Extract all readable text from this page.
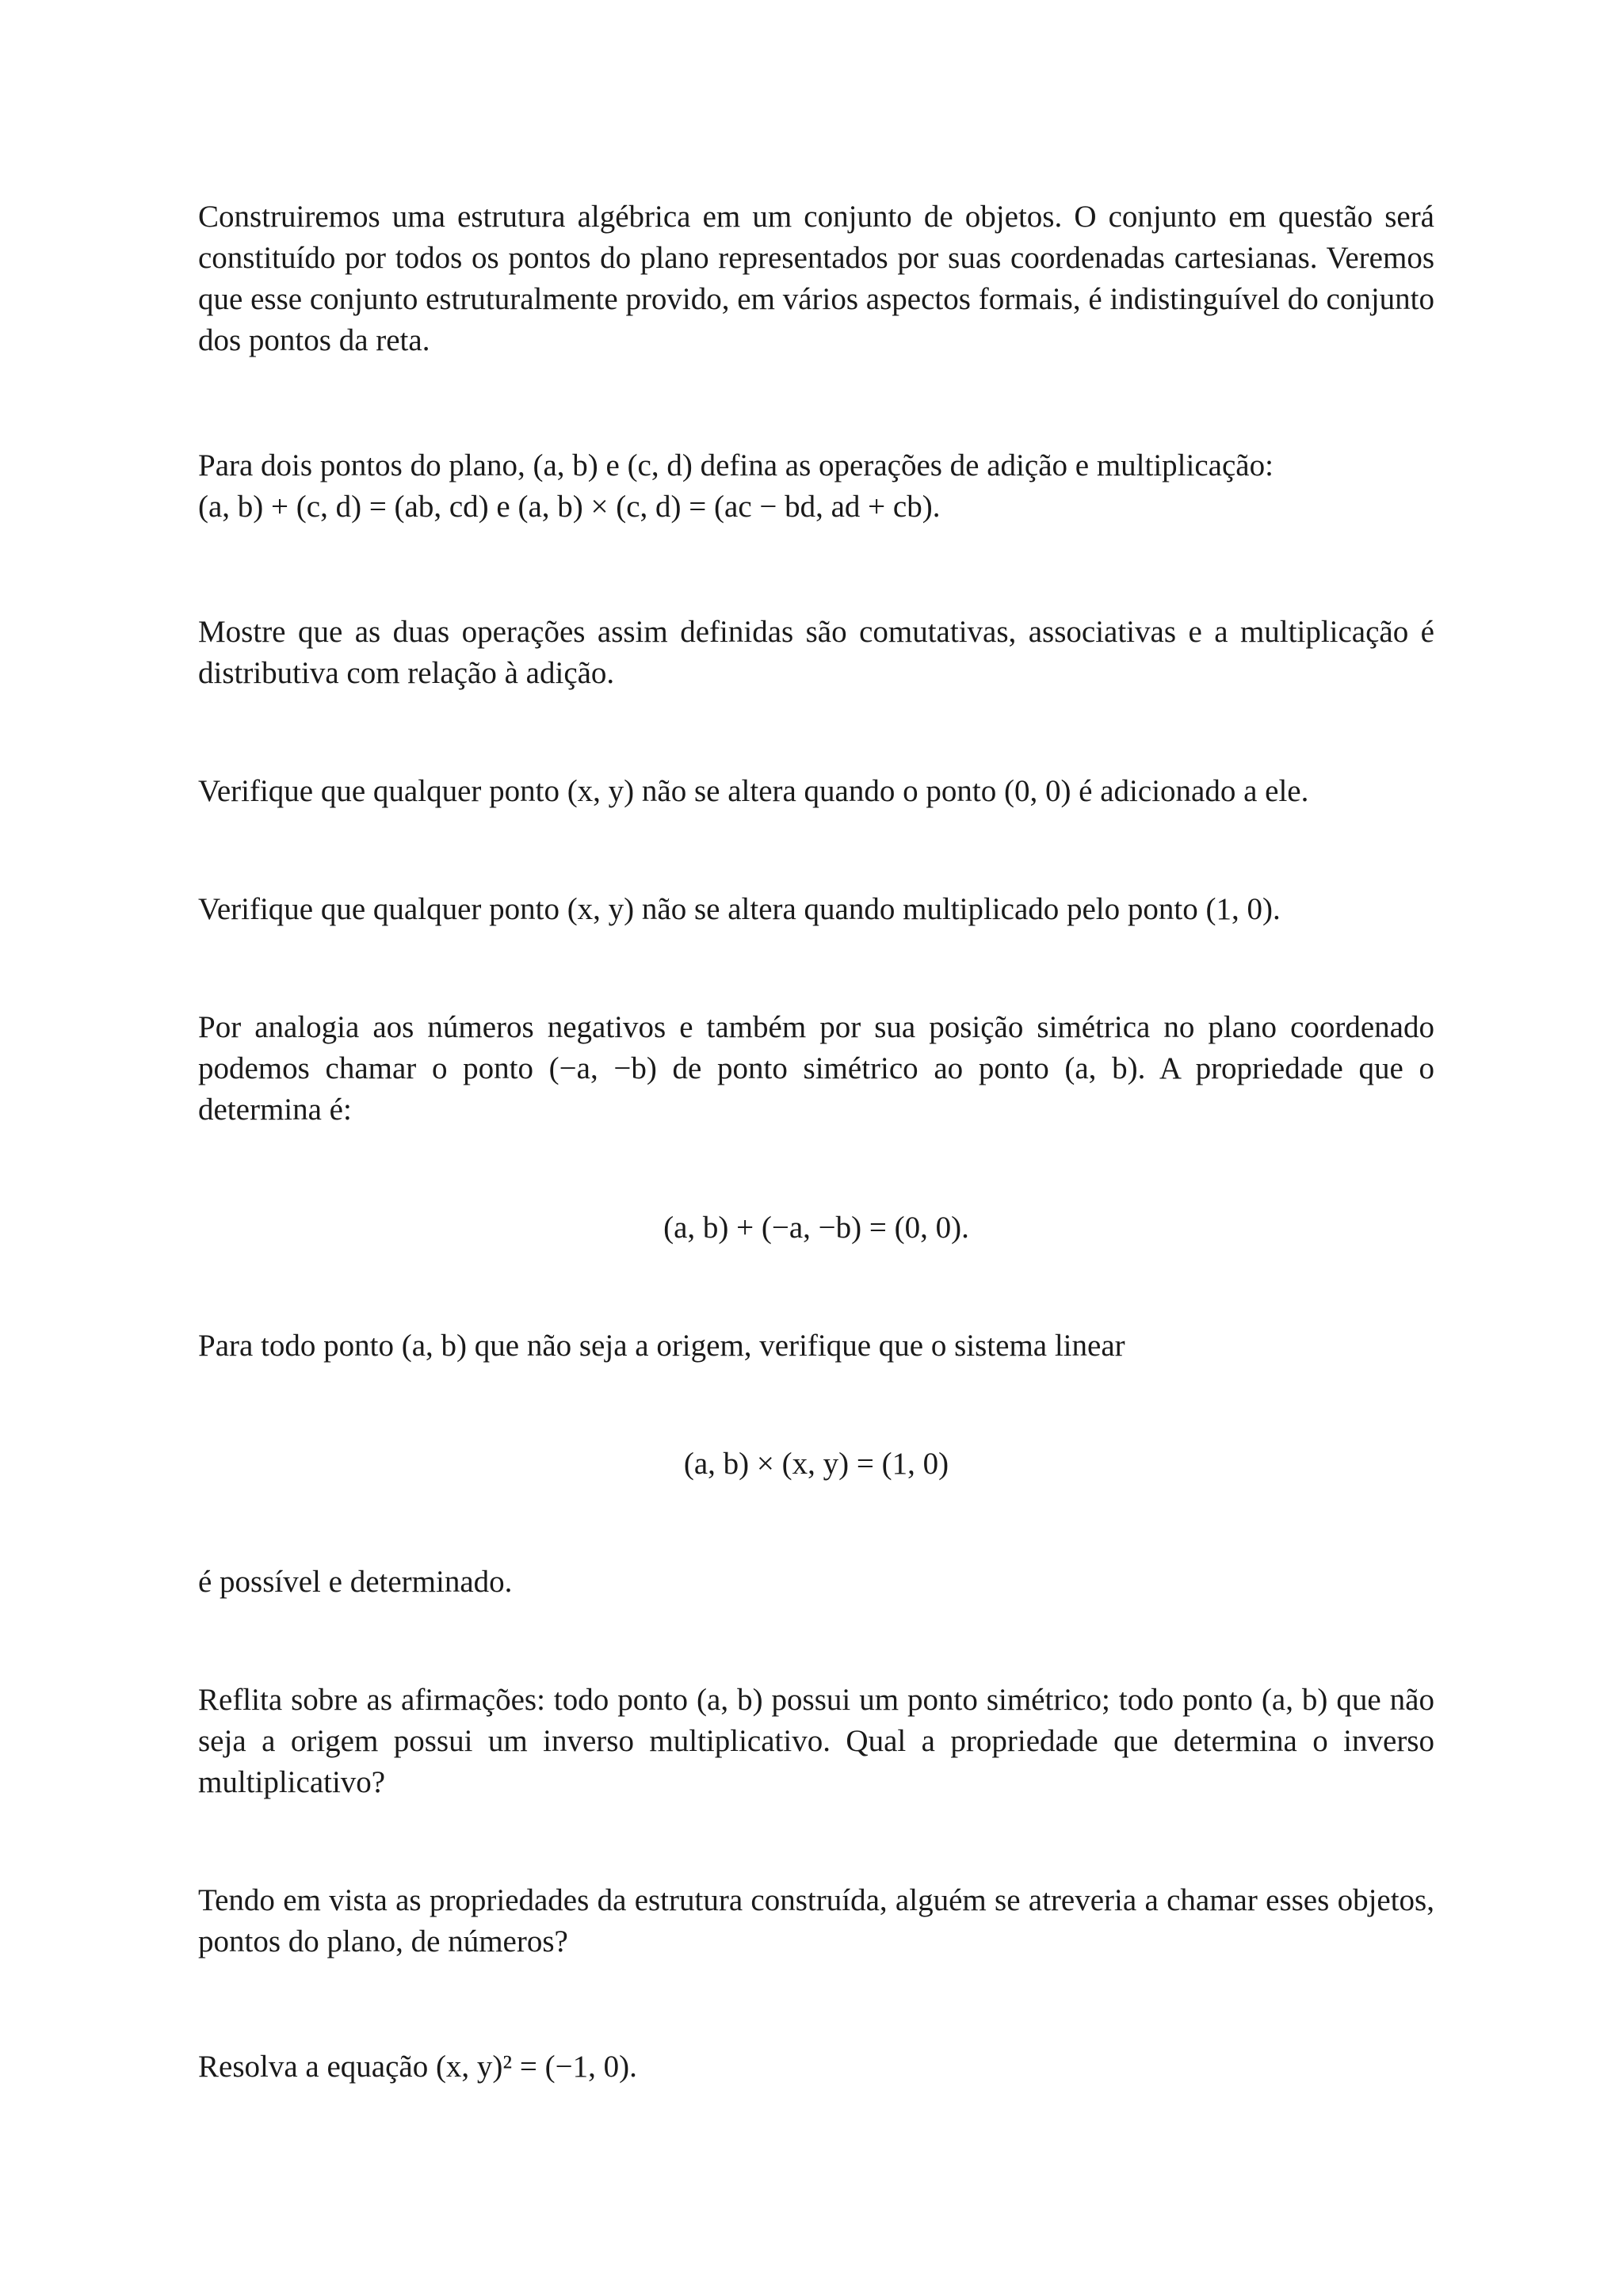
Construiremos uma estrutura algébrica em um conjunto de objetos. O conjunto em questão será constituído por todos os pontos do plano representados por suas coordenadas cartesianas. Veremos que esse conjunto estruturalmente provido, em vários aspectos formais, é indistinguível do conjunto dos pontos da reta.

Para dois pontos do plano, (a, b) e (c, d) defina as operações de adição e multiplicação:

(a, b) + (c, d) = (ab, cd) e (a, b) × (c, d) = (ac − bd, ad + cb).

Mostre que as duas operações assim definidas são comutativas, associativas e a multiplicação é distributiva com relação à adição.

Verifique que qualquer ponto (x, y) não se altera quando o ponto (0, 0) é adicionado a ele.

Verifique que qualquer ponto (x, y) não se altera quando multiplicado pelo ponto (1, 0).

Por analogia aos números negativos e também por sua posição simétrica no plano coordenado podemos chamar o ponto (−a, −b) de ponto simétrico ao ponto (a, b). A propriedade que o determina é:

(a, b) + (−a, −b) = (0, 0).

Para todo ponto (a, b) que não seja a origem, verifique que o sistema linear

(a, b) × (x, y) = (1, 0)

é possível e determinado.

Reflita sobre as afirmações: todo ponto (a, b) possui um ponto simétrico; todo ponto (a, b) que não seja a origem possui um inverso multiplicativo. Qual a propriedade que determina o inverso multiplicativo?

Tendo em vista as propriedades da estrutura construída, alguém se atreveria a chamar esses objetos, pontos do plano, de números?

Resolva a equação (x, y)² = (−1, 0).
